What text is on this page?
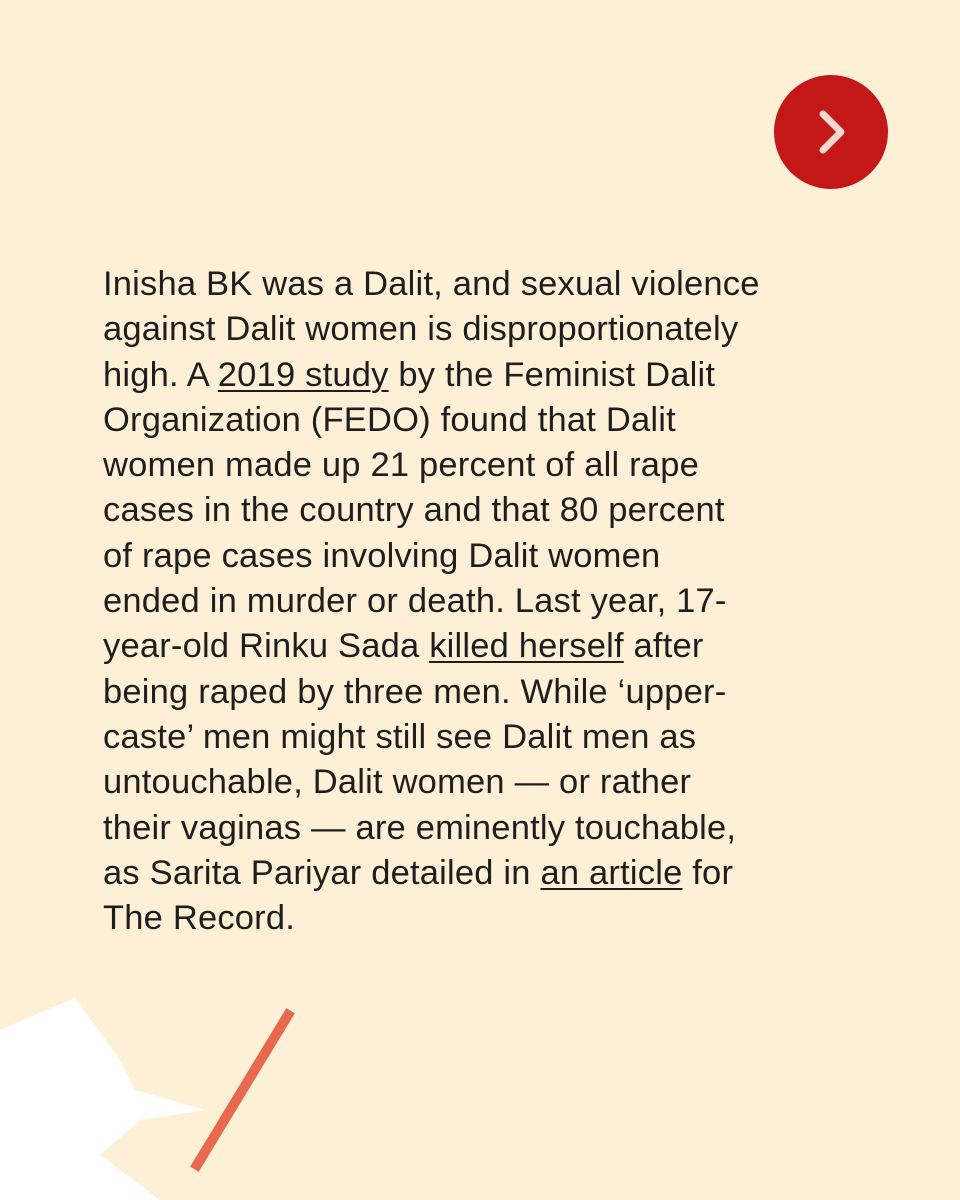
Inisha BK was a Dalit, and sexual violence
against Dalit women is disproportionately
high. A 2019 study by the Feminist Dalit
Organization (FEDO) found that Dalit
women made up 21 percent of all rape
cases in the country and that 80 percent
of rape cases involving Dalit women
ended in murder or death. Last year, 17-
year-old Rinku Sada killed herself after
being raped by three men. While ‘upper-
caste’ men might still see Dalit men as
untouchable, Dalit women — or rather
their vaginas — are eminently touchable,
as Sarita Pariyar detailed in an article for
The Record.
